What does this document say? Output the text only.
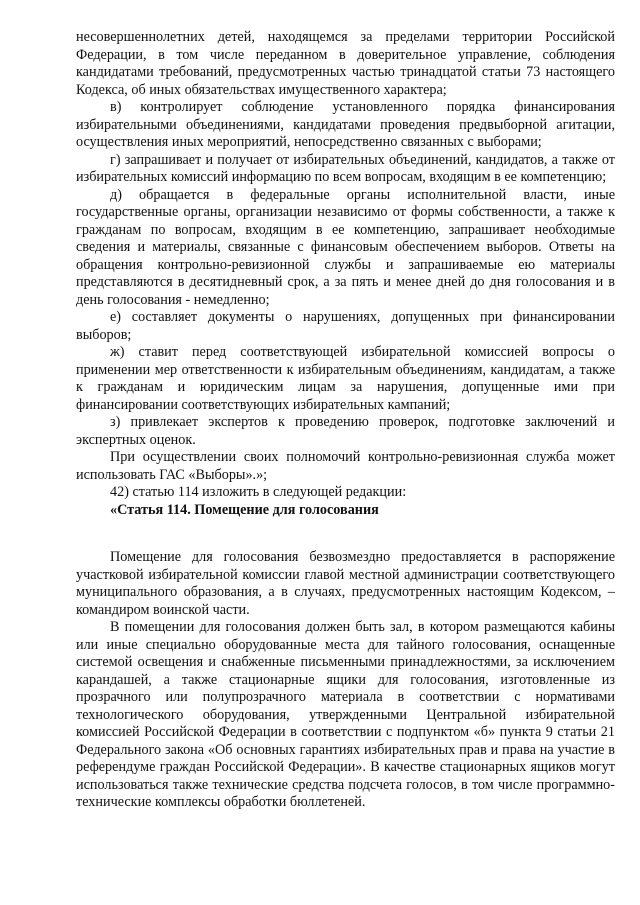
несовершеннолетних детей, находящемся за пределами территории Российской Федерации, в том числе переданном в доверительное управление, соблюдения кандидатами требований, предусмотренных частью тринадцатой статьи 73 настоящего Кодекса, об иных обязательствах имущественного характера;

в) контролирует соблюдение установленного порядка финансирования избирательными объединениями, кандидатами проведения предвыборной агитации, осуществления иных мероприятий, непосредственно связанных с выборами;

г) запрашивает и получает от избирательных объединений, кандидатов, а также от избирательных комиссий информацию по всем вопросам, входящим в ее компетенцию;

д) обращается в федеральные органы исполнительной власти, иные государственные органы, организации независимо от формы собственности, а также к гражданам по вопросам, входящим в ее компетенцию, запрашивает необходимые сведения и материалы, связанные с финансовым обеспечением выборов. Ответы на обращения контрольно-ревизионной службы и запрашиваемые ею материалы представляются в десятидневный срок, а за пять и менее дней до дня голосования и в день голосования - немедленно;

е) составляет документы о нарушениях, допущенных при финансировании выборов;

ж) ставит перед соответствующей избирательной комиссией вопросы о применении мер ответственности к избирательным объединениям, кандидатам, а также к гражданам и юридическим лицам за нарушения, допущенные ими при финансировании соответствующих избирательных кампаний;

з) привлекает экспертов к проведению проверок, подготовке заключений и экспертных оценок.

При осуществлении своих полномочий контрольно-ревизионная служба может использовать ГАС «Выборы».»;

42) статью 114 изложить в следующей редакции:

«Статья 114. Помещение для голосования

Помещение для голосования безвозмездно предоставляется в распоряжение участковой избирательной комиссии главой местной администрации соответствующего муниципального образования, а в случаях, предусмотренных настоящим Кодексом, – командиром воинской части.

В помещении для голосования должен быть зал, в котором размещаются кабины или иные специально оборудованные места для тайного голосования, оснащенные системой освещения и снабженные письменными принадлежностями, за исключением карандашей, а также стационарные ящики для голосования, изготовленные из прозрачного или полупрозрачного материала в соответствии с нормативами технологического оборудования, утвержденными Центральной избирательной комиссией Российской Федерации в соответствии с подпунктом «б» пункта 9 статьи 21 Федерального закона «Об основных гарантиях избирательных прав и права на участие в референдуме граждан Российской Федерации». В качестве стационарных ящиков могут использоваться также технические средства подсчета голосов, в том числе программно-технические комплексы обработки бюллетеней.
